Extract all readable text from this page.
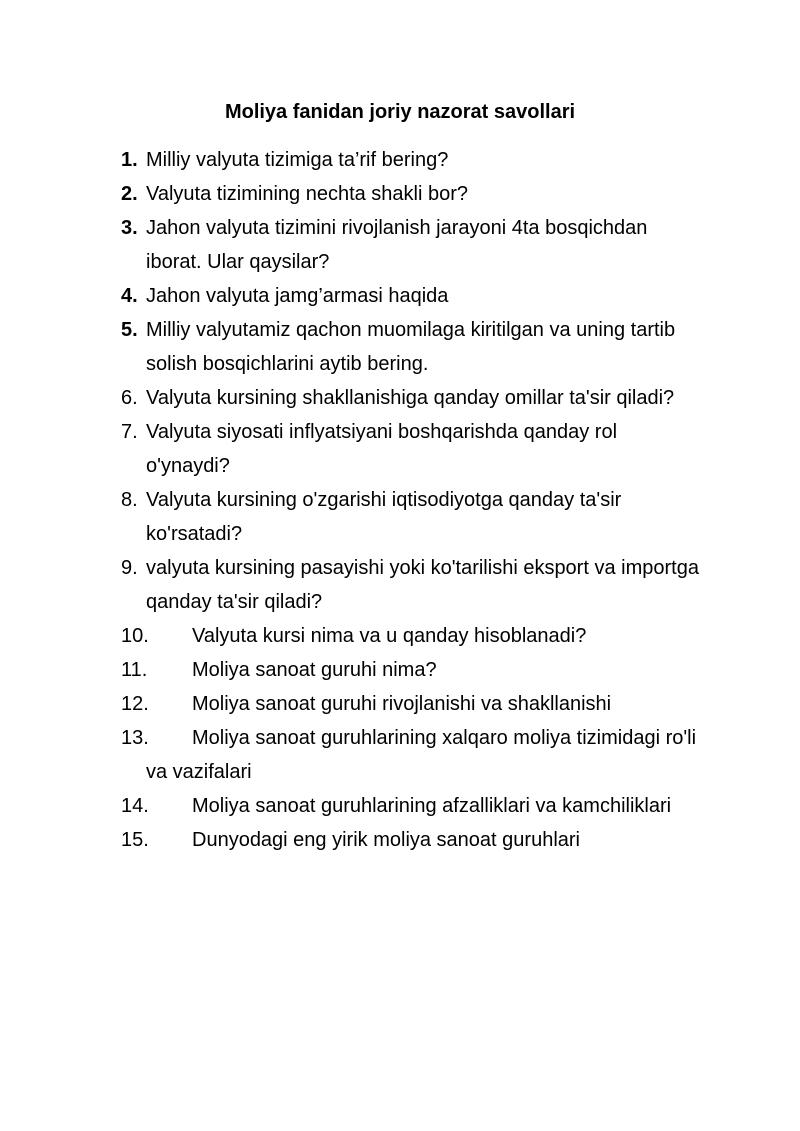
Moliya fanidan joriy nazorat savollari
1. Milliy valyuta tizimiga ta’rif bering?
2. Valyuta tizimining nechta shakli bor?
3. Jahon valyuta tizimini rivojlanish jarayoni 4ta bosqichdan iborat. Ular qaysilar?
4. Jahon valyuta jamg’armasi haqida
5. Milliy valyutamiz qachon muomilaga kiritilgan va uning tartib solish bosqichlarini aytib bering.
6. Valyuta kursining shakllanishiga qanday omillar ta'sir qiladi?
7. Valyuta siyosati inflyatsiyani boshqarishda qanday rol o'ynaydi?
8. Valyuta kursining o'zgarishi iqtisodiyotga qanday ta'sir ko'rsatadi?
9. valyuta kursining pasayishi yoki ko'tarilishi eksport va importga qanday ta'sir qiladi?
10. Valyuta kursi nima va u qanday hisoblanadi?
11. Moliya sanoat guruhi nima?
12. Moliya sanoat guruhi rivojlanishi va shakllanishi
13. Moliya sanoat guruhlarining xalqaro moliya tizimidagi ro'li va vazifalari
14. Moliya sanoat guruhlarining afzalliklari va kamchiliklari
15. Dunyodagi eng yirik moliya sanoat guruhlari
